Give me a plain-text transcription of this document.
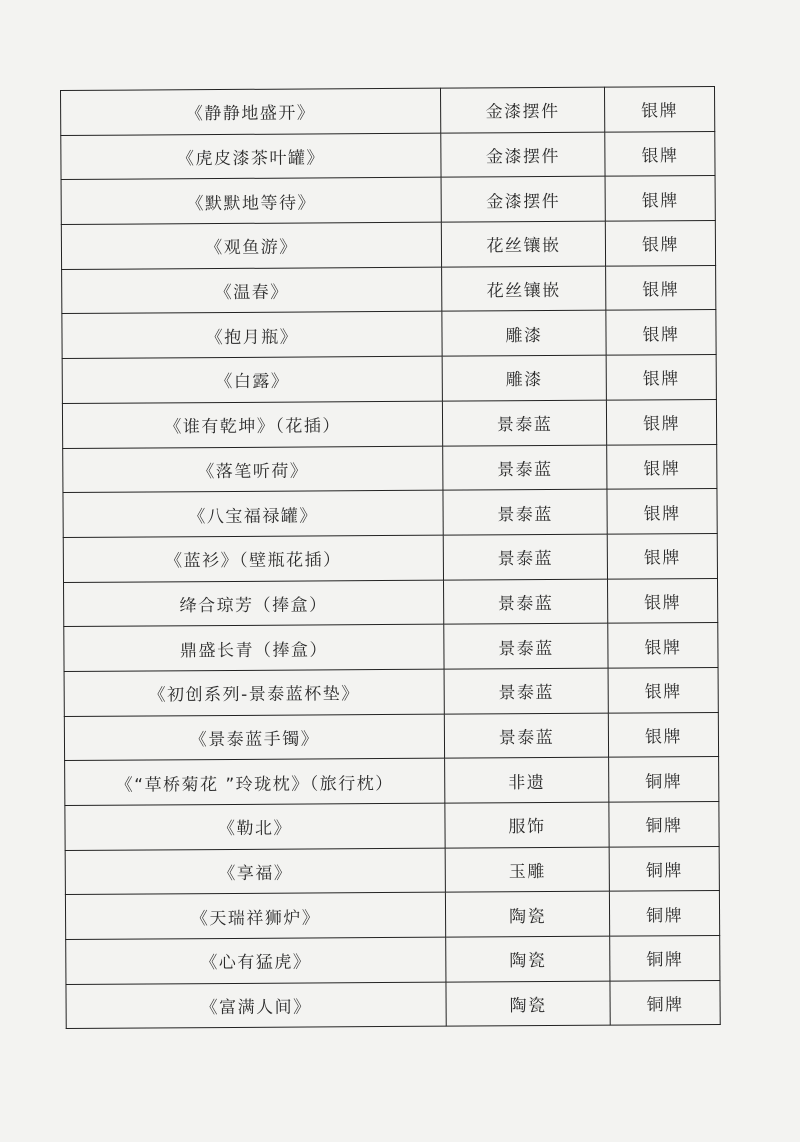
《静静地盛开》	金漆摆件	银牌
《虎皮漆茶叶罐》	金漆摆件	银牌
《默默地等待》	金漆摆件	银牌
《观鱼游》	花丝镶嵌	银牌
《温春》	花丝镶嵌	银牌
《抱月瓶》	雕漆	银牌
《白露》	雕漆	银牌
《谁有乾坤》（花插）	景泰蓝	银牌
《落笔听荷》	景泰蓝	银牌
《八宝福禄罐》	景泰蓝	银牌
《蓝衫》（壁瓶花插）	景泰蓝	银牌
绛合琼芳（捧盒）	景泰蓝	银牌
鼎盛长青（捧盒）	景泰蓝	银牌
《初创系列-景泰蓝杯垫》	景泰蓝	银牌
《景泰蓝手镯》	景泰蓝	银牌
《“草桥菊花 ”玲珑枕》（旅行枕）	非遗	铜牌
《勒北》	服饰	铜牌
《享福》	玉雕	铜牌
《天瑞祥狮炉》	陶瓷	铜牌
《心有猛虎》	陶瓷	铜牌
《富满人间》	陶瓷	铜牌
